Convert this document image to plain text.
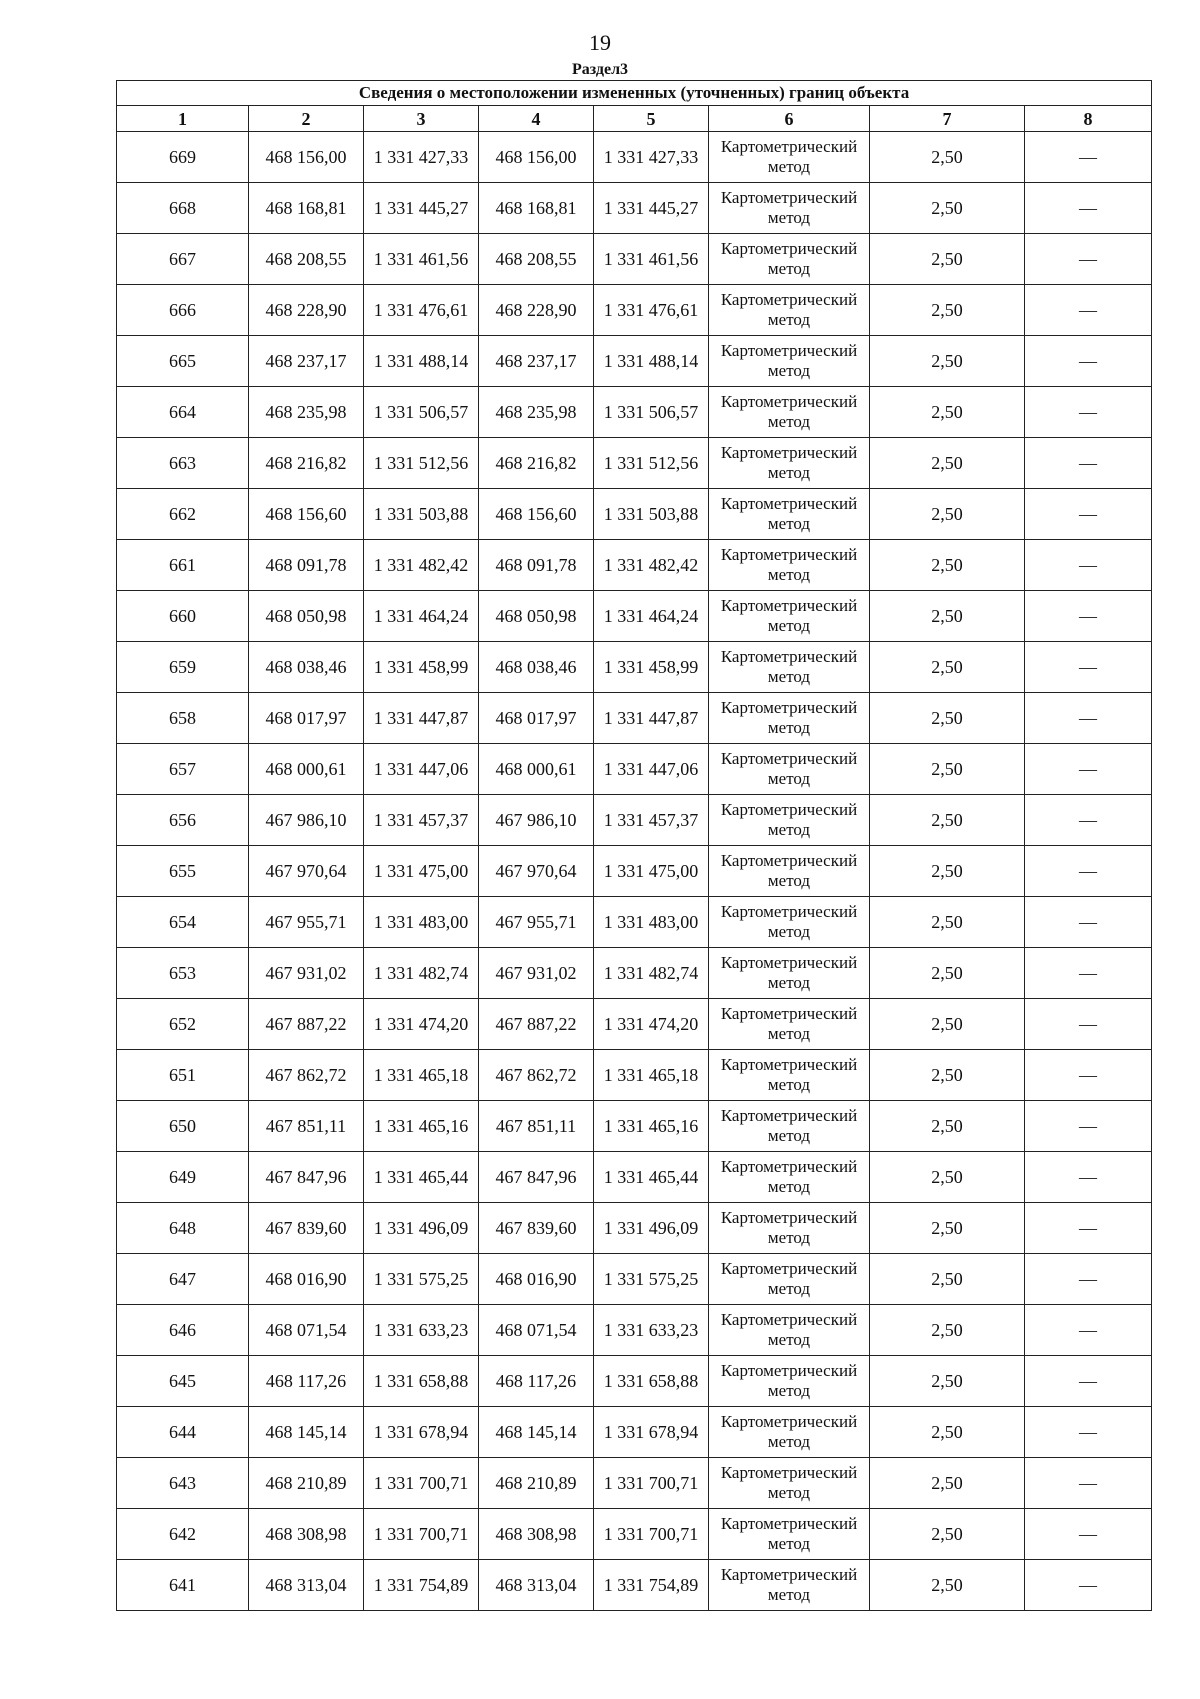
19
Раздел3
Сведения о местоположении измененных (уточненных) границ объекта							
1	2	3	4	5	6	7	8
669	468 156,00	1 331 427,33	468 156,00	1 331 427,33	Картометрический метод	2,50	—
668	468 168,81	1 331 445,27	468 168,81	1 331 445,27	Картометрический метод	2,50	—
667	468 208,55	1 331 461,56	468 208,55	1 331 461,56	Картометрический метод	2,50	—
666	468 228,90	1 331 476,61	468 228,90	1 331 476,61	Картометрический метод	2,50	—
665	468 237,17	1 331 488,14	468 237,17	1 331 488,14	Картометрический метод	2,50	—
664	468 235,98	1 331 506,57	468 235,98	1 331 506,57	Картометрический метод	2,50	—
663	468 216,82	1 331 512,56	468 216,82	1 331 512,56	Картометрический метод	2,50	—
662	468 156,60	1 331 503,88	468 156,60	1 331 503,88	Картометрический метод	2,50	—
661	468 091,78	1 331 482,42	468 091,78	1 331 482,42	Картометрический метод	2,50	—
660	468 050,98	1 331 464,24	468 050,98	1 331 464,24	Картометрический метод	2,50	—
659	468 038,46	1 331 458,99	468 038,46	1 331 458,99	Картометрический метод	2,50	—
658	468 017,97	1 331 447,87	468 017,97	1 331 447,87	Картометрический метод	2,50	—
657	468 000,61	1 331 447,06	468 000,61	1 331 447,06	Картометрический метод	2,50	—
656	467 986,10	1 331 457,37	467 986,10	1 331 457,37	Картометрический метод	2,50	—
655	467 970,64	1 331 475,00	467 970,64	1 331 475,00	Картометрический метод	2,50	—
654	467 955,71	1 331 483,00	467 955,71	1 331 483,00	Картометрический метод	2,50	—
653	467 931,02	1 331 482,74	467 931,02	1 331 482,74	Картометрический метод	2,50	—
652	467 887,22	1 331 474,20	467 887,22	1 331 474,20	Картометрический метод	2,50	—
651	467 862,72	1 331 465,18	467 862,72	1 331 465,18	Картометрический метод	2,50	—
650	467 851,11	1 331 465,16	467 851,11	1 331 465,16	Картометрический метод	2,50	—
649	467 847,96	1 331 465,44	467 847,96	1 331 465,44	Картометрический метод	2,50	—
648	467 839,60	1 331 496,09	467 839,60	1 331 496,09	Картометрический метод	2,50	—
647	468 016,90	1 331 575,25	468 016,90	1 331 575,25	Картометрический метод	2,50	—
646	468 071,54	1 331 633,23	468 071,54	1 331 633,23	Картометрический метод	2,50	—
645	468 117,26	1 331 658,88	468 117,26	1 331 658,88	Картометрический метод	2,50	—
644	468 145,14	1 331 678,94	468 145,14	1 331 678,94	Картометрический метод	2,50	—
643	468 210,89	1 331 700,71	468 210,89	1 331 700,71	Картометрический метод	2,50	—
642	468 308,98	1 331 700,71	468 308,98	1 331 700,71	Картометрический метод	2,50	—
641	468 313,04	1 331 754,89	468 313,04	1 331 754,89	Картометрический метод	2,50	—
